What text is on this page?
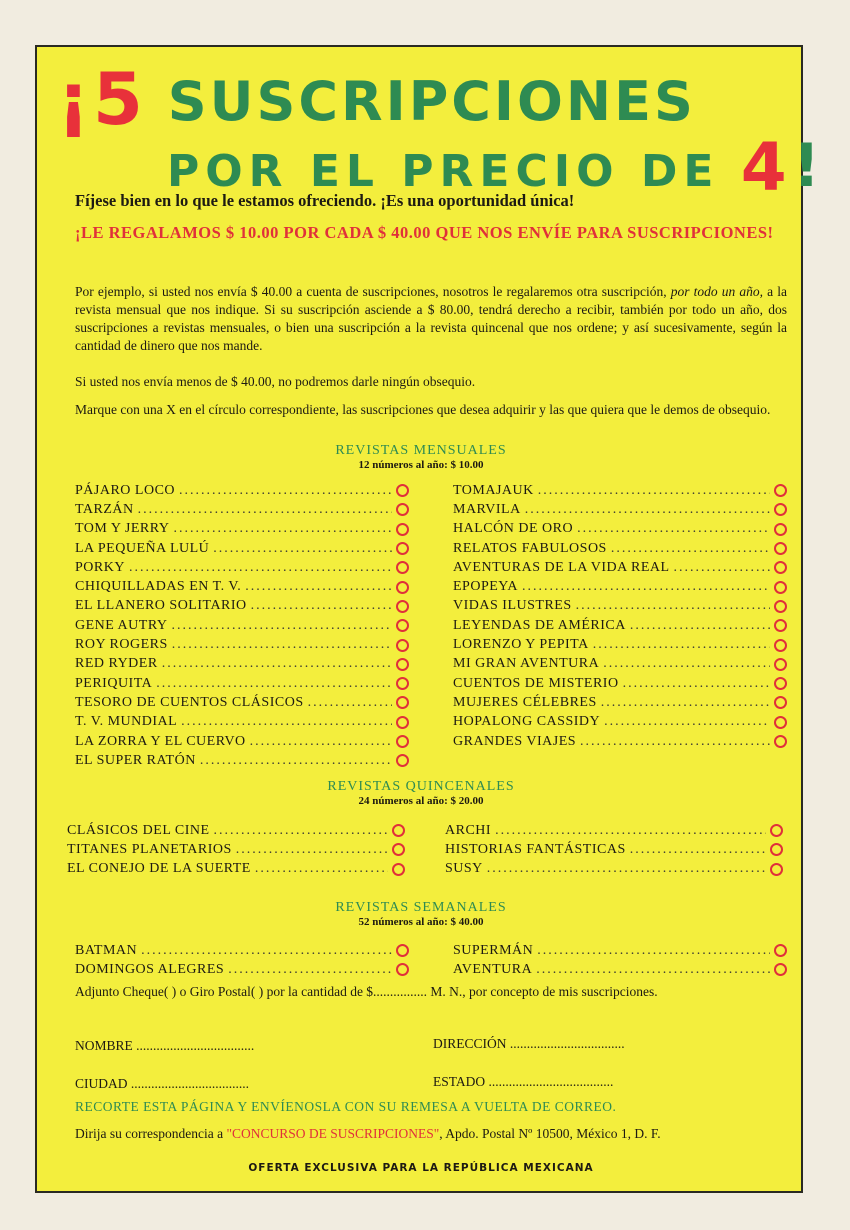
¡5 SUSCRIPCIONES
POR EL PRECIO DE 4!
Fíjese bien en lo que le estamos ofreciendo. ¡Es una oportunidad única!
¡LE REGALAMOS $ 10.00 POR CADA $ 40.00 QUE NOS ENVÍE PARA SUSCRIPCIONES!
Por ejemplo, si usted nos envía $ 40.00 a cuenta de suscripciones, nosotros le regalaremos otra suscripción, por todo un año, a la revista mensual que nos indique. Si su suscripción asciende a $ 80.00, tendrá derecho a recibir, también por todo un año, dos suscripciones a revistas mensuales, o bien una suscripción a la revista quincenal que nos ordene; y así sucesivamente, según la cantidad de dinero que nos mande.
Si usted nos envía menos de $ 40.00, no podremos darle ningún obsequio.
Marque con una X en el círculo correspondiente, las suscripciones que desea adquirir y las que quiera que le demos de obsequio.
REVISTAS MENSUALES
12 números al año: $ 10.00
PÁJARO LOCO
.....
TARZÁN
.....
TOM Y JERRY
.....
LA PEQUEÑA LULÚ
.....
PORKY
.....
CHIQUILLADAS EN T. V.
.....
EL LLANERO SOLITARIO
.....
GENE AUTRY
.....
ROY ROGERS
.....
RED RYDER
.....
PERIQUITA
.....
TESORO DE CUENTOS CLÁSICOS
.....
T. V. MUNDIAL
.....
LA ZORRA Y EL CUERVO
.....
EL SUPER RATÓN
.....
TOMAJAUK
.....
MARVILA
.....
HALCÓN DE ORO
.....
RELATOS FABULOSOS
.....
AVENTURAS DE LA VIDA REAL
.....
EPOPEYA
.....
VIDAS ILUSTRES
.....
LEYENDAS DE AMÉRICA
.....
LORENZO Y PEPITA
.....
MI GRAN AVENTURA
.....
CUENTOS DE MISTERIO
.....
MUJERES CÉLEBRES
.....
HOPALONG CASSIDY
.....
GRANDES VIAJES
.....
REVISTAS QUINCENALES
24 números al año: $ 20.00
CLÁSICOS DEL CINE
.....
TITANES PLANETARIOS
.....
EL CONEJO DE LA SUERTE
.....
ARCHI
.....
HISTORIAS FANTÁSTICAS
.....
SUSY
.....
REVISTAS SEMANALES
52 números al año: $ 40.00
BATMAN
.....
DOMINGOS ALEGRES
.....
SUPERMÁN
.....
AVENTURA
.....
Adjunto Cheque( ) o Giro Postal( ) por la cantidad de $................ M. N., por concepto de mis suscripciones.
NOMBRE ...................................	DIRECCIÓN ..................................
CIUDAD ...................................	ESTADO .....................................
RECORTE ESTA PÁGINA Y ENVÍENOSLA CON SU REMESA A VUELTA DE CORREO.
Dirija su correspondencia a "CONCURSO DE SUSCRIPCIONES", Apdo. Postal Nº 10500, México 1, D. F.
OFERTA EXCLUSIVA PARA LA REPÚBLICA MEXICANA
